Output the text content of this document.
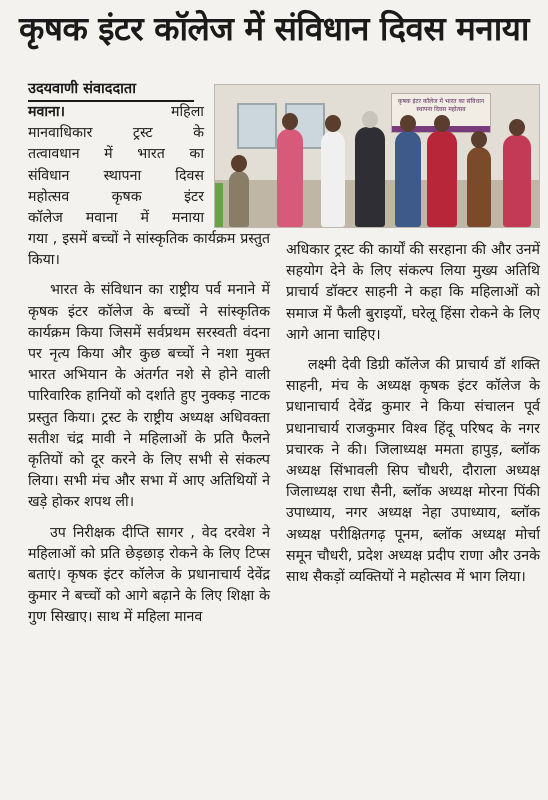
कृषक इंटर कॉलेज में संविधान दिवस मनाया
उदयवाणी संवाददाता
मवाना।	महिला
मानवाधिकार ट्रस्ट के
तत्वावधान में भारत का
संविधान स्थापना दिवस
महोत्सव कृषक इंटर
कॉलेज मवाना में मनाया
कृषक इंटर कॉलेज में भारत का संविधान स्थापना दिवस महोत्सव

गया , इसमें बच्चों ने सांस्कृतिक कार्यक्रम प्रस्तुत किया।

भारत के संविधान का राष्ट्रीय पर्व मनाने में कृषक इंटर कॉलेज के बच्चों ने सांस्कृतिक कार्यक्रम किया जिसमें सर्वप्रथम सरस्वती वंदना पर नृत्य किया और कुछ बच्चों ने नशा मुक्त भारत अभियान के अंतर्गत नशे से होने वाली पारिवारिक हानियों को दर्शाते हुए नुक्कड़ नाटक प्रस्तुत किया। ट्रस्ट के राष्ट्रीय अध्यक्ष अधिवक्ता सतीश चंद्र मावी ने महिलाओं के प्रति फैलने कृतियों को दूर करने के लिए सभी से संकल्प लिया। सभी मंच और सभा में आए अतिथियों ने खड़े होकर शपथ ली।

उप निरीक्षक दीप्ति सागर , वेद दरवेश ने महिलाओं को प्रति छेड़छाड़ रोकने के लिए टिप्स बताएं। कृषक इंटर कॉलेज के प्रधानाचार्य देवेंद्र कुमार ने बच्चों को आगे बढ़ाने के लिए शिक्षा के गुण सिखाए। साथ में महिला मानव

अधिकार ट्रस्ट की कार्यों की सरहाना की और उनमें सहयोग देने के लिए संकल्प लिया मुख्य अतिथि प्राचार्य डॉक्टर साहनी ने कहा कि महिलाओं को समाज में फैली बुराइयों, घरेलू हिंसा रोकने के लिए आगे आना चाहिए।

लक्ष्मी देवी डिग्री कॉलेज की प्राचार्य डॉ शक्ति साहनी, मंच के अध्यक्ष कृषक इंटर कॉलेज के प्रधानाचार्य देवेंद्र कुमार ने किया संचालन पूर्व प्रधानाचार्य राजकुमार विश्व हिंदू परिषद के नगर प्रचारक ने की। जिलाध्यक्ष ममता हापुड़, ब्लॉक अध्यक्ष सिंभावली सिप चौधरी, दौराला अध्यक्ष जिलाध्यक्ष राधा सैनी, ब्लॉक अध्यक्ष मोरना पिंकी उपाध्याय, नगर अध्यक्ष नेहा उपाध्याय, ब्लॉक अध्यक्ष परीक्षितगढ़ पूनम, ब्लॉक अध्यक्ष मोर्चा समून चौधरी, प्रदेश अध्यक्ष प्रदीप राणा और उनके साथ सैकड़ों व्यक्तियों ने महोत्सव में भाग लिया।
